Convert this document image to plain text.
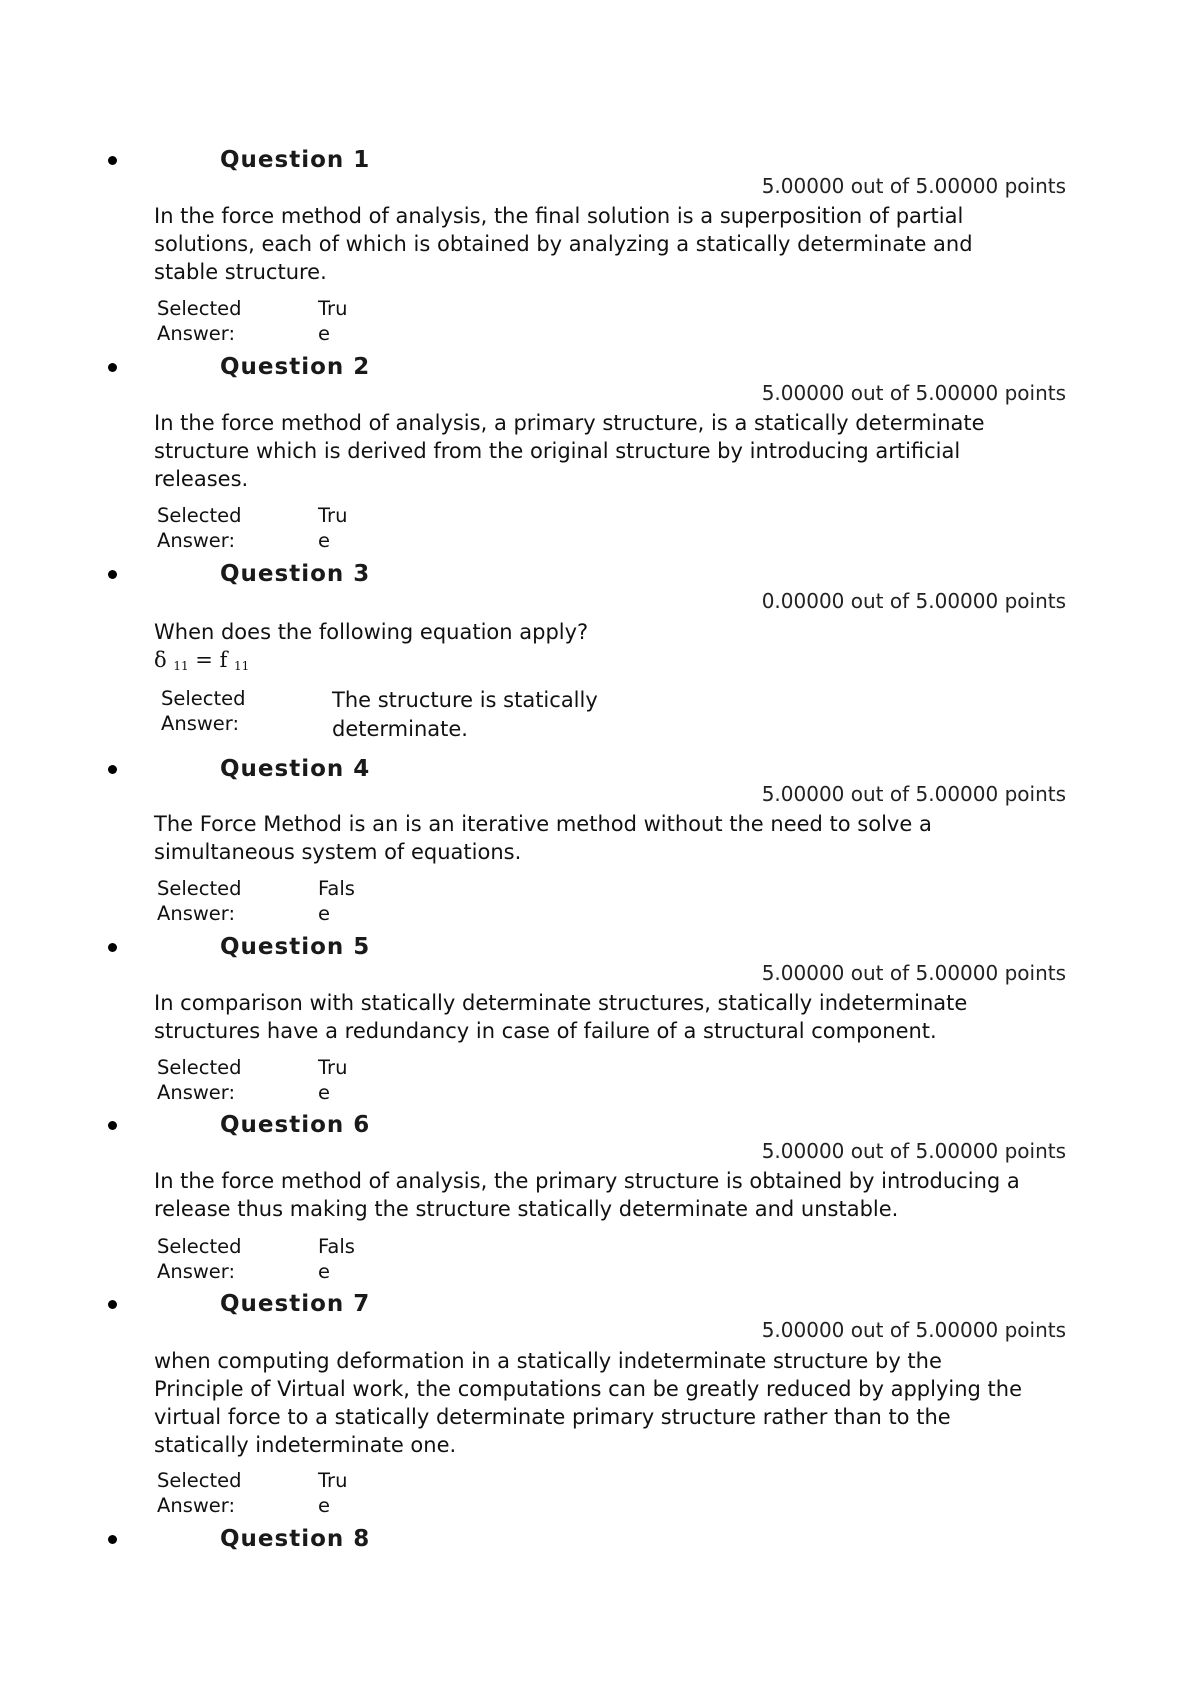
Question 1
5.00000 out of 5.00000 points
In the force method of analysis, the final solution is a superposition of partial
solutions, each of which is obtained by analyzing a statically determinate and
stable structure.
Selected
Answer:
Tru
e
Question 2
5.00000 out of 5.00000 points
In the force method of analysis, a primary structure, is a statically determinate
structure which is derived from the original structure by introducing artificial
releases.
Selected
Answer:
Tru
e
Question 3
0.00000 out of 5.00000 points
When does the following equation apply?
δ $_{11}$ = f $_{11}$
Selected
Answer:
The structure is statically
determinate.
Question 4
5.00000 out of 5.00000 points
The Force Method is an is an iterative method without the need to solve a
simultaneous system of equations.
Selected
Answer:
Fals
e
Question 5
5.00000 out of 5.00000 points
In comparison with statically determinate structures, statically indeterminate
structures have a redundancy in case of failure of a structural component.
Selected
Answer:
Tru
e
Question 6
5.00000 out of 5.00000 points
In the force method of analysis, the primary structure is obtained by introducing a
release thus making the structure statically determinate and unstable.
Selected
Answer:
Fals
e
Question 7
5.00000 out of 5.00000 points
when computing deformation in a statically indeterminate structure by the
Principle of Virtual work, the computations can be greatly reduced by applying the
virtual force to a statically determinate primary structure rather than to the
statically indeterminate one.
Selected
Answer:
Tru
e
Question 8
